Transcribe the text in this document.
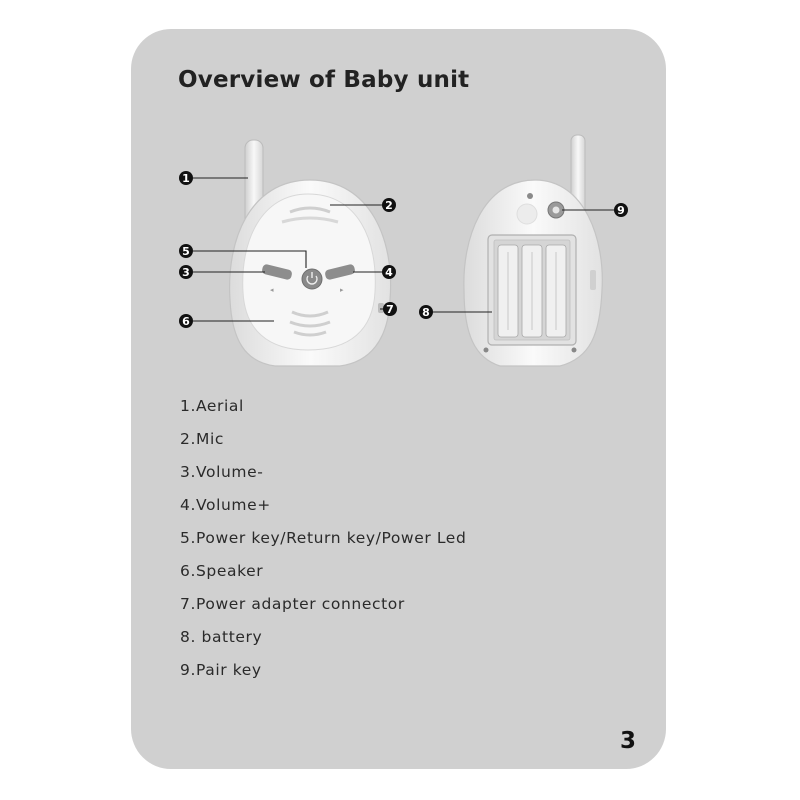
Overview of Baby unit
◂	▸
1
2
5
3	4
6
7	8
9
1.Aerial
2.Mic
3.Volume-
4.Volume+
5.Power key/Return key/Power Led
6.Speaker
7.Power adapter connector
8. battery
9.Pair key
3
